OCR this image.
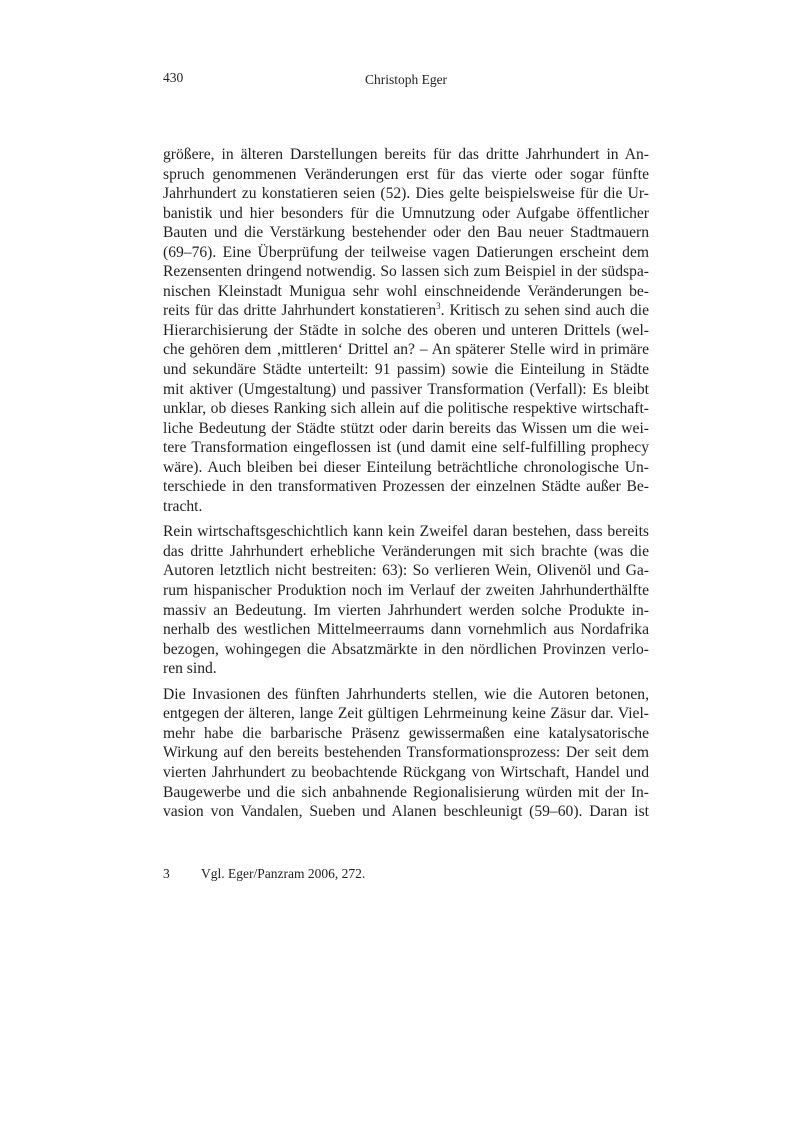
430	Christoph Eger

größere, in älteren Darstellungen bereits für das dritte Jahrhundert in An-
spruch genommenen Veränderungen erst für das vierte oder sogar fünfte
Jahrhundert zu konstatieren seien (52). Dies gelte beispielsweise für die Ur-
banistik und hier besonders für die Umnutzung oder Aufgabe öffentlicher
Bauten und die Verstärkung bestehender oder den Bau neuer Stadtmauern
(69–76). Eine Überprüfung der teilweise vagen Datierungen erscheint dem
Rezensenten dringend notwendig. So lassen sich zum Beispiel in der südspa-
nischen Kleinstadt Munigua sehr wohl einschneidende Veränderungen be-
reits für das dritte Jahrhundert konstatieren$^3$. Kritisch zu sehen sind auch die
Hierarchisierung der Städte in solche des oberen und unteren Drittels (wel-
che gehören dem ‚mittleren‘ Drittel an? – An späterer Stelle wird in primäre
und sekundäre Städte unterteilt: 91 passim) sowie die Einteilung in Städte
mit aktiver (Umgestaltung) und passiver Transformation (Verfall): Es bleibt
unklar, ob dieses Ranking sich allein auf die politische respektive wirtschaft-
liche Bedeutung der Städte stützt oder darin bereits das Wissen um die wei-
tere Transformation eingeflossen ist (und damit eine self-fulfilling prophecy
wäre). Auch bleiben bei dieser Einteilung beträchtliche chronologische Un-
terschiede in den transformativen Prozessen der einzelnen Städte außer Be-
tracht.

Rein wirtschaftsgeschichtlich kann kein Zweifel daran bestehen, dass bereits
das dritte Jahrhundert erhebliche Veränderungen mit sich brachte (was die
Autoren letztlich nicht bestreiten: 63): So verlieren Wein, Olivenöl und Ga-
rum hispanischer Produktion noch im Verlauf der zweiten Jahrhunderthälfte
massiv an Bedeutung. Im vierten Jahrhundert werden solche Produkte in-
nerhalb des westlichen Mittelmeerraums dann vornehmlich aus Nordafrika
bezogen, wohingegen die Absatzmärkte in den nördlichen Provinzen verlo-
ren sind.

Die Invasionen des fünften Jahrhunderts stellen, wie die Autoren betonen,
entgegen der älteren, lange Zeit gültigen Lehrmeinung keine Zäsur dar. Viel-
mehr habe die barbarische Präsenz gewissermaßen eine katalysatorische
Wirkung auf den bereits bestehenden Transformationsprozess: Der seit dem
vierten Jahrhundert zu beobachtende Rückgang von Wirtschaft, Handel und
Baugewerbe und die sich anbahnende Regionalisierung würden mit der In-
vasion von Vandalen, Sueben und Alanen beschleunigt (59–60). Daran ist

3	Vgl. Eger/Panzram 2006, 272.
